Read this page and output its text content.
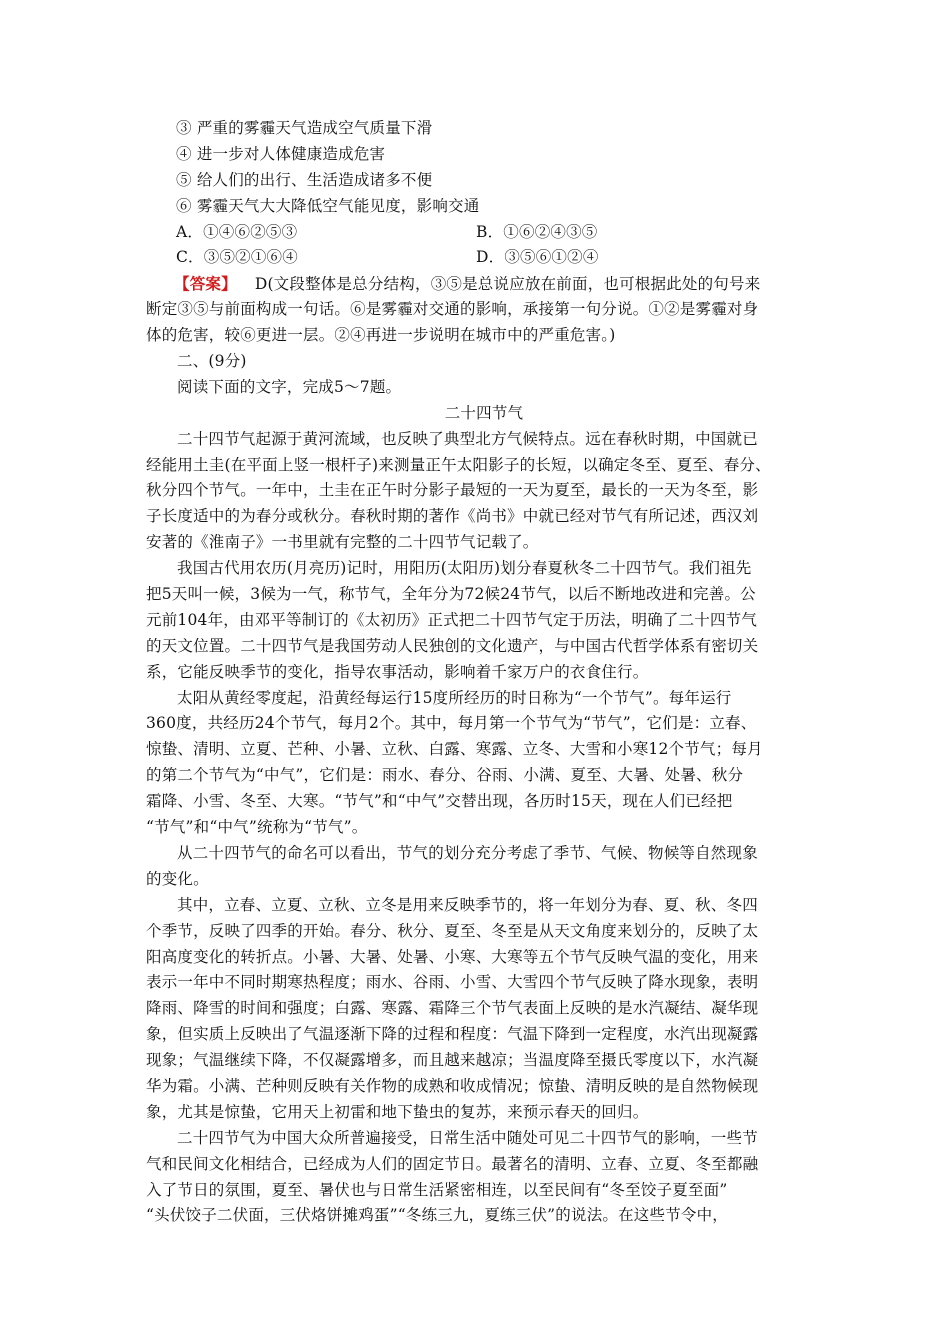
③ 严重的雾霾天气造成空气质量下滑
④ 进一步对人体健康造成危害
⑤ 给人们的出行、生活造成诸多不便
⑥ 雾霾天气大大降低空气能见度，影响交通
A．①④⑥②⑤③	B．①⑥②④③⑤
C．③⑤②①⑥④	D．③⑤⑥①②④
【答案】 D(文段整体是总分结构，③⑤是总说应放在前面，也可根据此处的句号来
断定③⑤与前面构成一句话。⑥是雾霾对交通的影响，承接第一句分说。①②是雾霾对身
体的危害，较⑥更进一层。②④再进一步说明在城市中的严重危害。)
二、(9分)
阅读下面的文字，完成5～7题。
二十四节气
二十四节气起源于黄河流域，也反映了典型北方气候特点。远在春秋时期，中国就已
经能用土圭(在平面上竖一根杆子)来测量正午太阳影子的长短，以确定冬至、夏至、春分、
秋分四个节气。一年中，土圭在正午时分影子最短的一天为夏至，最长的一天为冬至，影
子长度适中的为春分或秋分。春秋时期的著作《尚书》中就已经对节气有所记述，西汉刘
安著的《淮南子》一书里就有完整的二十四节气记载了。
我国古代用农历(月亮历)记时，用阳历(太阳历)划分春夏秋冬二十四节气。我们祖先
把5天叫一候，3候为一气，称节气，全年分为72候24节气，以后不断地改进和完善。公
元前104年，由邓平等制订的《太初历》正式把二十四节气定于历法，明确了二十四节气
的天文位置。二十四节气是我国劳动人民独创的文化遗产，与中国古代哲学体系有密切关
系，它能反映季节的变化，指导农事活动，影响着千家万户的衣食住行。
太阳从黄经零度起，沿黄经每运行15度所经历的时日称为“一个节气”。每年运行
360度，共经历24个节气，每月2个。其中，每月第一个节气为“节气”，它们是：立春、
惊蛰、清明、立夏、芒种、小暑、立秋、白露、寒露、立冬、大雪和小寒12个节气；每月
的第二个节气为“中气”，它们是：雨水、春分、谷雨、小满、夏至、大暑、处暑、秋分
霜降、小雪、冬至、大寒。“节气”和“中气”交替出现，各历时15天，现在人们已经把
“节气”和“中气”统称为“节气”。
从二十四节气的命名可以看出，节气的划分充分考虑了季节、气候、物候等自然现象
的变化。
其中，立春、立夏、立秋、立冬是用来反映季节的，将一年划分为春、夏、秋、冬四
个季节，反映了四季的开始。春分、秋分、夏至、冬至是从天文角度来划分的，反映了太
阳高度变化的转折点。小暑、大暑、处暑、小寒、大寒等五个节气反映气温的变化，用来
表示一年中不同时期寒热程度；雨水、谷雨、小雪、大雪四个节气反映了降水现象，表明
降雨、降雪的时间和强度；白露、寒露、霜降三个节气表面上反映的是水汽凝结、凝华现
象，但实质上反映出了气温逐渐下降的过程和程度：气温下降到一定程度，水汽出现凝露
现象；气温继续下降，不仅凝露增多，而且越来越凉；当温度降至摄氏零度以下，水汽凝
华为霜。小满、芒种则反映有关作物的成熟和收成情况；惊蛰、清明反映的是自然物候现
象，尤其是惊蛰，它用天上初雷和地下蛰虫的复苏，来预示春天的回归。
二十四节气为中国大众所普遍接受，日常生活中随处可见二十四节气的影响，一些节
气和民间文化相结合，已经成为人们的固定节日。最著名的清明、立春、立夏、冬至都融
入了节日的氛围，夏至、暑伏也与日常生活紧密相连，以至民间有“冬至饺子夏至面”
“头伏饺子二伏面，三伏烙饼摊鸡蛋”“冬练三九，夏练三伏”的说法。在这些节令中，
